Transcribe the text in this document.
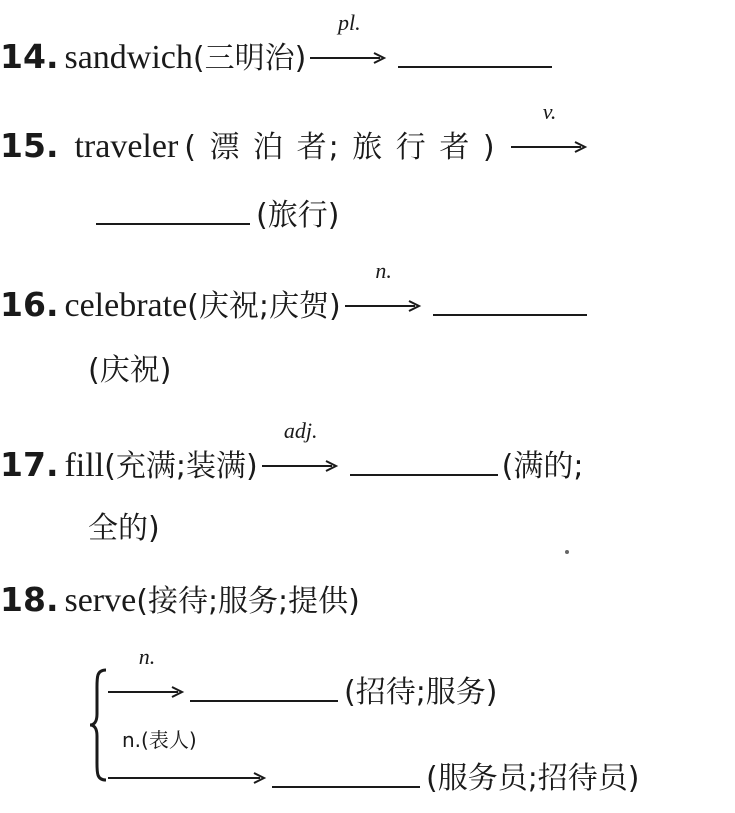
14 . sandwich (三明治)
pl.
15 . traveler ( 漂 泊 者; 旅 行 者 )
v.
(旅行)
16 . celebrate (庆祝;庆贺)
n.
(庆祝)
17 . fill (充满;装满)
adj.
(满的;
全的)
18 . serve (接待;服务;提供)
n.
(招待;服务)
n.(表人)
(服务员;招待员)
